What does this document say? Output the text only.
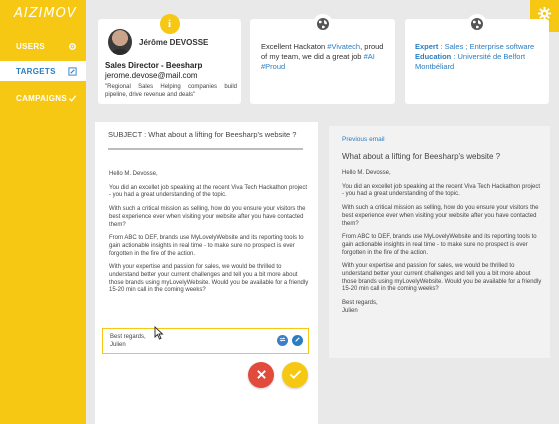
AIZIMOV
USERS
TARGETS
CAMPAIGNS
i
Jérôme DEVOSSE
Sales Director - Beesharp
jerome.devose@mail.com
"Regional Sales Helping companies build pipeline, drive revenue and deals"
Excellent Hackaton #Vivatech, proud of my team, we did a great job #AI #Proud
Expert : Sales ; Enterprise software
Education : Université de Belfort Montbéliard
SUBJECT : What about a lifting for Beesharp's website ?

Hello M. Devosse,

You did an excellet job speaking at the recent Viva Tech Hackathon project - you had a great understanding of the topic.

With such a critical mission as selling, how do you ensure your visitors the best experience ever when visiting your website after you have contacted them?

From ABC to DEF, brands use MyLovelyWebsite and its reporting tools to gain actionable insights in real time - to make sure no prospect is ever forgotten in the fire of the action.

With your expertise and passion for sales, we would be thrilled to understand better your current challenges and tell you a bit more about those brands using myLovelyWebsite. Would you be available for a friendly 15-20 min call in the coming weeks?

Best regards,
Julien
Previous email
What about a lifting for Beesharp's website ?

Hello M. Devosse,

You did an excellet job speaking at the recent Viva Tech Hackathon project - you had a great understanding of the topic.

With such a critical mission as selling, how do you ensure your visitors the best experience ever when visiting your website after you have contacted them?

From ABC to DEF, brands use MyLovelyWebsite and its reporting tools to gain actionable insights in real time - to make sure no prospect is ever forgotten in the fire of the action.

With your expertise and passion for sales, we would be thrilled to understand better your current challenges and tell you a bit more about those brands using myLovelyWebsite. Would you be available for a friendly 15-20 min call in the coming weeks?

Best regards,
Julien
